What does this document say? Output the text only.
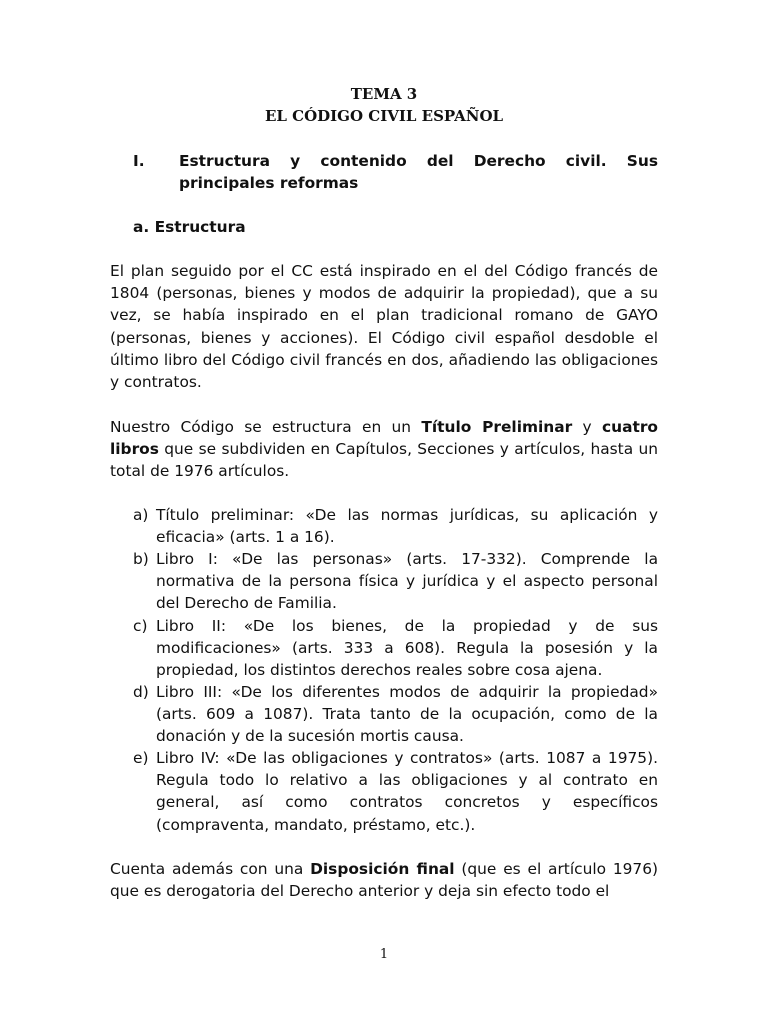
TEMA 3
EL CÓDIGO CIVIL ESPAÑOL
I. Estructura y contenido del Derecho civil. Sus principales reformas
a. Estructura
El plan seguido por el CC está inspirado en el del Código francés de 1804 (personas, bienes y modos de adquirir la propiedad), que a su vez, se había inspirado en el plan tradicional romano de GAYO (personas, bienes y acciones). El Código civil español desdoble el último libro del Código civil francés en dos, añadiendo las obligaciones y contratos.
Nuestro Código se estructura en un Título Preliminar y cuatro libros que se subdividen en Capítulos, Secciones y artículos, hasta un total de 1976 artículos.
a) Título preliminar: «De las normas jurídicas, su aplicación y eficacia» (arts. 1 a 16).
b) Libro I: «De las personas» (arts. 17-332). Comprende la normativa de la persona física y jurídica y el aspecto personal del Derecho de Familia.
c) Libro II: «De los bienes, de la propiedad y de sus modificaciones» (arts. 333 a 608). Regula la posesión y la propiedad, los distintos derechos reales sobre cosa ajena.
d) Libro III: «De los diferentes modos de adquirir la propiedad» (arts. 609 a 1087). Trata tanto de la ocupación, como de la donación y de la sucesión mortis causa.
e) Libro IV: «De las obligaciones y contratos» (arts. 1087 a 1975). Regula todo lo relativo a las obligaciones y al contrato en general, así como contratos concretos y específicos (compraventa, mandato, préstamo, etc.).
Cuenta además con una Disposición final (que es el artículo 1976) que es derogatoria del Derecho anterior y deja sin efecto todo el
1
